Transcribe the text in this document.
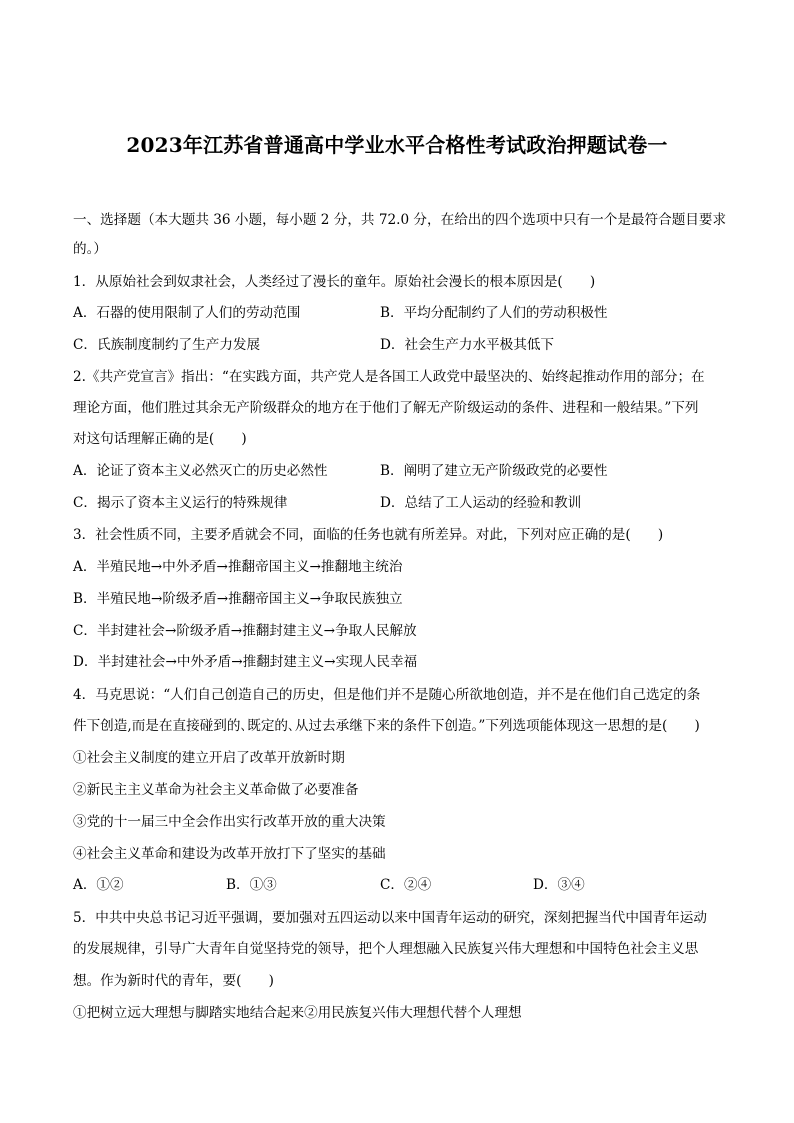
2023年江苏省普通高中学业水平合格性考试政治押题试卷一
一、选择题（本大题共 36 小题，每小题 2 分，共 72.0 分，在给出的四个选项中只有一个是最符合题目要求
的。）
1．从原始社会到奴隶社会，人类经过了漫长的童年。原始社会漫长的根本原因是(　　)
A．石器的使用限制了人们的劳动范围	B．平均分配制约了人们的劳动积极性
C．氏族制度制约了生产力发展	D．社会生产力水平极其低下
2.《共产党宣言》指出：“在实践方面，共产党人是各国工人政党中最坚决的、始终起推动作用的部分；在
理论方面，他们胜过其余无产阶级群众的地方在于他们了解无产阶级运动的条件、进程和一般结果。”下列
对这句话理解正确的是(　　)
A．论证了资本主义必然灭亡的历史必然性	B．阐明了建立无产阶级政党的必要性
C．揭示了资本主义运行的特殊规律	D．总结了工人运动的经验和教训
3．社会性质不同，主要矛盾就会不同，面临的任务也就有所差异。对此，下列对应正确的是(　　)
A．半殖民地→中外矛盾→推翻帝国主义→推翻地主统治
B．半殖民地→阶级矛盾→推翻帝国主义→争取民族独立
C．半封建社会→阶级矛盾→推翻封建主义→争取人民解放
D．半封建社会→中外矛盾→推翻封建主义→实现人民幸福
4．马克思说：“人们自己创造自己的历史，但是他们并不是随心所欲地创造，并不是在他们自己选定的条
件下创造,而是在直接碰到的､既定的､从过去承继下来的条件下创造。”下列选项能体现这一思想的是(　　)
①社会主义制度的建立开启了改革开放新时期
②新民主主义革命为社会主义革命做了必要准备
③党的十一届三中全会作出实行改革开放的重大决策
④社会主义革命和建设为改革开放打下了坚实的基础
A．①②	B．①③	C．②④	D．③④
5．中共中央总书记习近平强调，要加强对五四运动以来中国青年运动的研究，深刻把握当代中国青年运动
的发展规律，引导广大青年自觉坚持党的领导，把个人理想融入民族复兴伟大理想和中国特色社会主义思
想。作为新时代的青年，要(　　)
①把树立远大理想与脚踏实地结合起来②用民族复兴伟大理想代替个人理想
